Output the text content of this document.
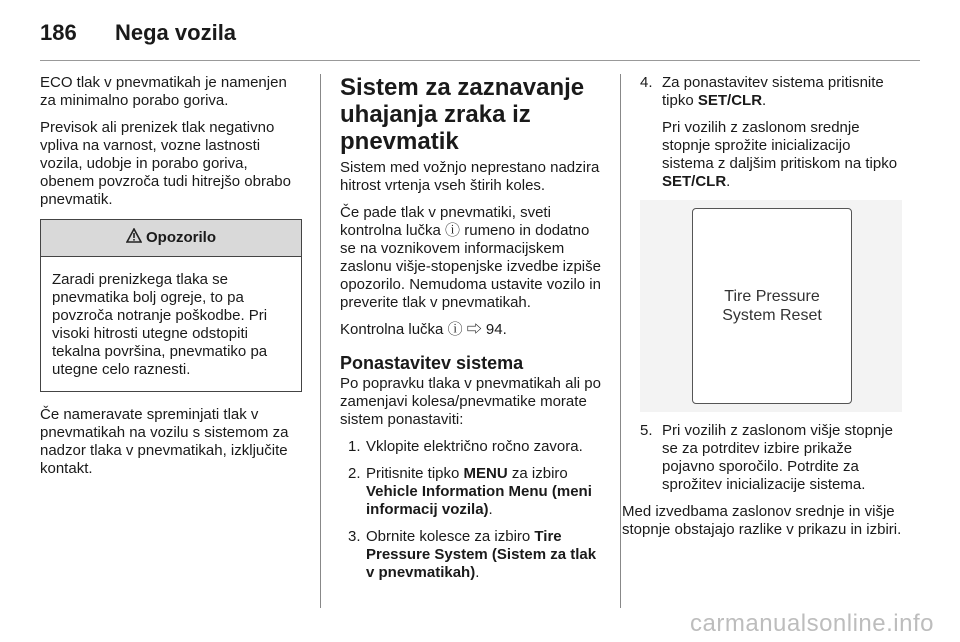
186 Nega vozila

ECO tlak v pnevmatikah je namenjen za minimalno porabo goriva.

Previsok ali prenizek tlak negativno vpliva na varnost, vozne lastnosti vozila, udobje in porabo goriva, obenem povzroča tudi hitrejšo obrabo pnevmatik.

Opozorilo
Zaradi prenizkega tlaka se pnevmatika bolj ogreje, to pa povzroča notranje poškodbe. Pri visoki hitrosti utegne odstopiti tekalna površina, pnevmatiko pa utegne celo raznesti.

Če nameravate spreminjati tlak v pnevmatikah na vozilu s sistemom za nadzor tlaka v pnevmatikah, izključite kontakt.

Sistem za zaznavanje uhajanja zraka iz pnevmatik

Sistem med vožnjo neprestano nadzira hitrost vrtenja vseh štirih koles.

Če pade tlak v pnevmatiki, sveti kontrolna lučka ⓘ rumeno in dodatno se na voznikovem informacijskem zaslonu višje-stopenjske izvedbe izpiše opozorilo. Nemudoma ustavite vozilo in preverite tlak v pnevmatikah.

Kontrolna lučka ⓘ ⇨ 94.

Ponastavitev sistema

Po popravku tlaka v pnevmatikah ali po zamenjavi kolesa/pnevmatike morate sistem ponastaviti:

1. Vklopite električno ročno zavora.
2. Pritisnite tipko MENU za izbiro Vehicle Information Menu (meni informacij vozila).
3. Obrnite kolesce za izbiro Tire Pressure System (Sistem za tlak v pnevmatikah).
4. Za ponastavitev sistema pritisnite tipko SET/CLR.
Pri vozilih z zaslonom srednje stopnje sprožite inicializacijo sistema z daljšim pritiskom na tipko SET/CLR.
Tire Pressure
System Reset
5. Pri vozilih z zaslonom višje stopnje se za potrditev izbire prikaže pojavno sporočilo. Potrdite za sprožitev inicializacije sistema.

Med izvedbama zaslonov srednje in višje stopnje obstajajo razlike v prikazu in izbiri.

carmanualsonline.info
